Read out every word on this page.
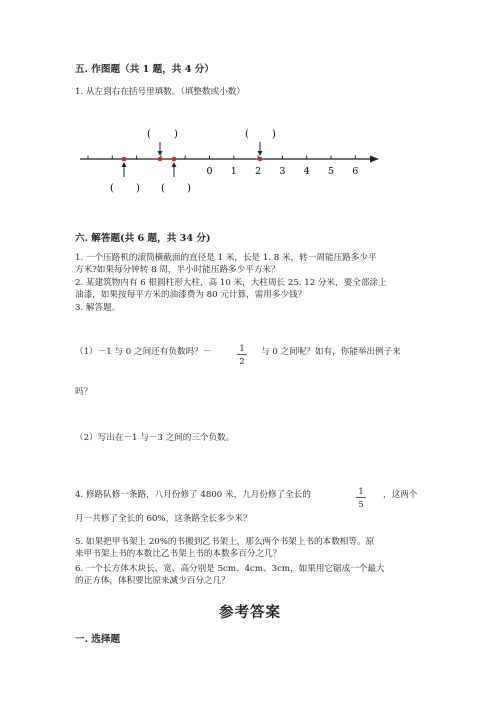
五. 作图题（共 1 题，共 4 分）
1. 从左到右在括号里填数。（填整数或小数）
( )	( )
( ) ( )
0 1 2 3 4 5 6
六. 解答题(共 6 题，共 34 分)
1. 一个压路机的滚筒横截面的直径是 1 米，长是 1. 8 米，转一周能压路多少平
方米?如果每分钟转 8 周，半小时能压路多少平方米？
2. 某建筑物内有 6 根圆柱形大柱，高 10 米，大柱周长 25. 12 分米，要全部涂上
油漆，如果按每平方米的油漆费为 80 元计算，需用多少钱？
3. 解答题。
（1）－1 与 0 之间还有负数吗？－	1
2
与 0 之间呢？如有，你能举出例子来
吗？
（2）写出在－1 与－3 之间的三个负数。
4. 修路队修一条路，八月份修了 4800 米，九月份修了全长的	1
5
，这两个
月一共修了全长的 60%，这条路全长多少米？
5. 如果把甲书架上 20%的书搬到乙书架上，那么两个书架上书的本数相等。原
来甲书架上书的本数比乙书架上书的本数多百分之几？
6. 一个长方体木块长、宽、高分别是 5cm、4cm、3cm，如果用它锯成一个最大
的正方体，体积要比原来减少百分之几？
参考答案
一. 选择题
